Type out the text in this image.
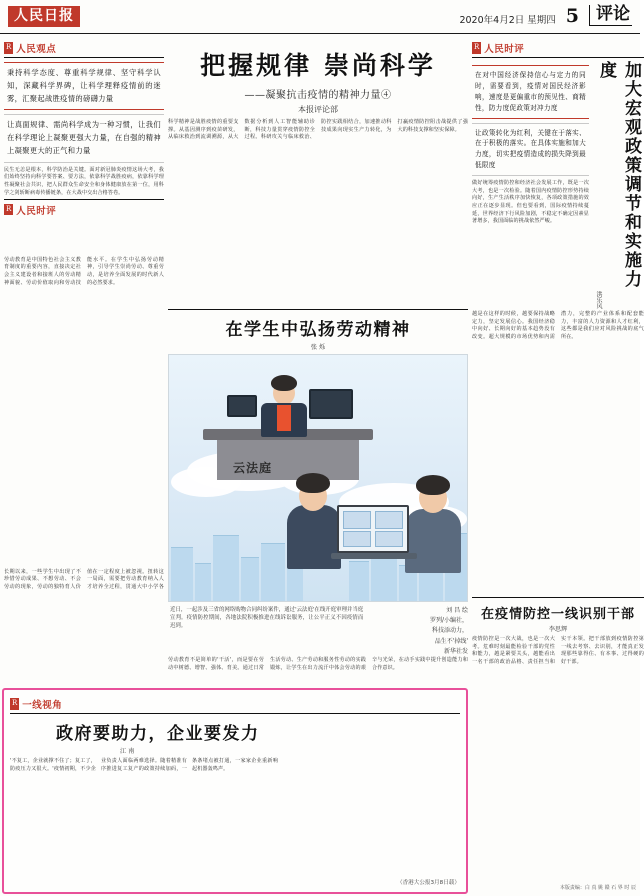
人民日报	2020年4月2日 星期四 5	评论
R 人民观点
秉持科学态度、尊重科学规律、坚守科学认知，深藏科学界碑，让科学理释疫情前的迷雾，汇聚起战胜疫情的磅礴力量
让真面规律、需尚科学成为一种习惯，让我们在科学理论上凝聚更强大力量，在自强的精神上凝聚更大的正气和力量
民生无恙是根本，科学防治是关键。面对新冠肺炎疫情这场大考，我们始终坚持向科学要答案、要方法，依靠科学战胜疫病，依靠科学理性凝聚社会共识，把人民群众生命安全和身体健康放在第一位，用科学之剑斩断病毒传播链条，在大战中交出合格答卷。
R 人民时评
劳动教育是中国特色社会主义教育制度的重要内容，直接决定社会主义建设者和接班人的劳动精神面貌、劳动价值取向和劳动技能水平。在学生中弘扬劳动精神，引导学生崇尚劳动、尊重劳动，是培养全面发展的时代新人的必然要求。
长期以来，一些学生中出现了不珍惜劳动成果、不想劳动、不会劳动的现象，劳动的独特育人价值在一定程度上被忽视。扭转这一局面，需要把劳动教育纳入人才培养全过程，贯通大中小学各
把握规律 崇尚科学
——凝聚抗击疫情的精神力量④
本报评论部
科学精神是战胜疫情的重要支撑。从基因测序到疫苗研发，从临床救治到流调溯源，从大数据分析到人工智能辅助诊断，科技力量贯穿疫情防控全过程。科研攻关与临床救治、防控实践相结合，加速推动科技成果向现实生产力转化，为打赢疫情防控阻击战提供了强大的科技支撑和坚实保障。
在学生中弘扬劳动精神
张 烁
云法庭
近日，一起涉及三省的网络购物合同纠纷案件，通过'云法庭'在线开庭审理并当庭宣判。疫情防控期间，各地法院积极推进在线诉讼服务，让公平正义不因疫情而迟到。
刘 昌 绘
罗列/小编社，
科技添动力，
品生不'掉线'
新华社发
劳动教育不是简单的'干活'，而是要在劳动中树德、增智、强体、育美。通过日常生活劳动、生产劳动和服务性劳动的实践锻炼，让学生在出力流汗中体会劳动的艰辛与光荣，在动手实践中提升创造能力和合作意识。
R 人民时评
在对中国经济保持信心与定力的同时，需要看到，疫情对国民经济影响，速度是更偏重市的预见性、商精性，防力度促政策对冲力度
让政策转化为红利，关键在于落实、在于积极的落实。在具体实施和加大力度，切实把疫情造成的损失降到最低限度
做好统筹疫情防控和经济社会发展工作，既是一次大考，也是一次检验。随着国内疫情防控形势持续向好，生产生活秩序加快恢复，各项政策措施的效应正在逐步显现。但也要看到，国际疫情持续蔓延，世界经济下行风险加剧，不稳定不确定因素显著增多，我国面临的挑战依然严峻。	加大宏观政策调节和实施力度
洪乐风
越是在这样的时候，越要保持战略定力，坚定发展信心。我国经济稳中向好、长期向好的基本趋势没有改变。超大规模的市场优势和内需潜力，完整的产业体系和配套能力，丰富的人力资源和人才红利，这些都是我们应对风险挑战的底气所在。
在疫情防控一线识别干部
李思辉
疫情防控是一次大战，也是一次大考。危难时刻最能检验干部的党性和能力，越是紧要关头，越能看出一名干部的政治品格、责任担当和实干本领。把干部放到疫情防控第一线去考察、去识别，才能真正发现那些靠得住、有本事、过得硬的好干部。
R 一线视角
政府要助力，企业要发力
江 南
'不复工，企业就撑不住了；复工了，防疫压力又很大。'疫情初期，不少企业负责人面临两难选择。随着精准有序推进复工复产的政策持续加码，一条条堵点被打通，一家家企业重新响起机器轰鸣声。
（香港大公报3月8日载）
本版责编：白 真 姚 赣 石 界 时 辰
